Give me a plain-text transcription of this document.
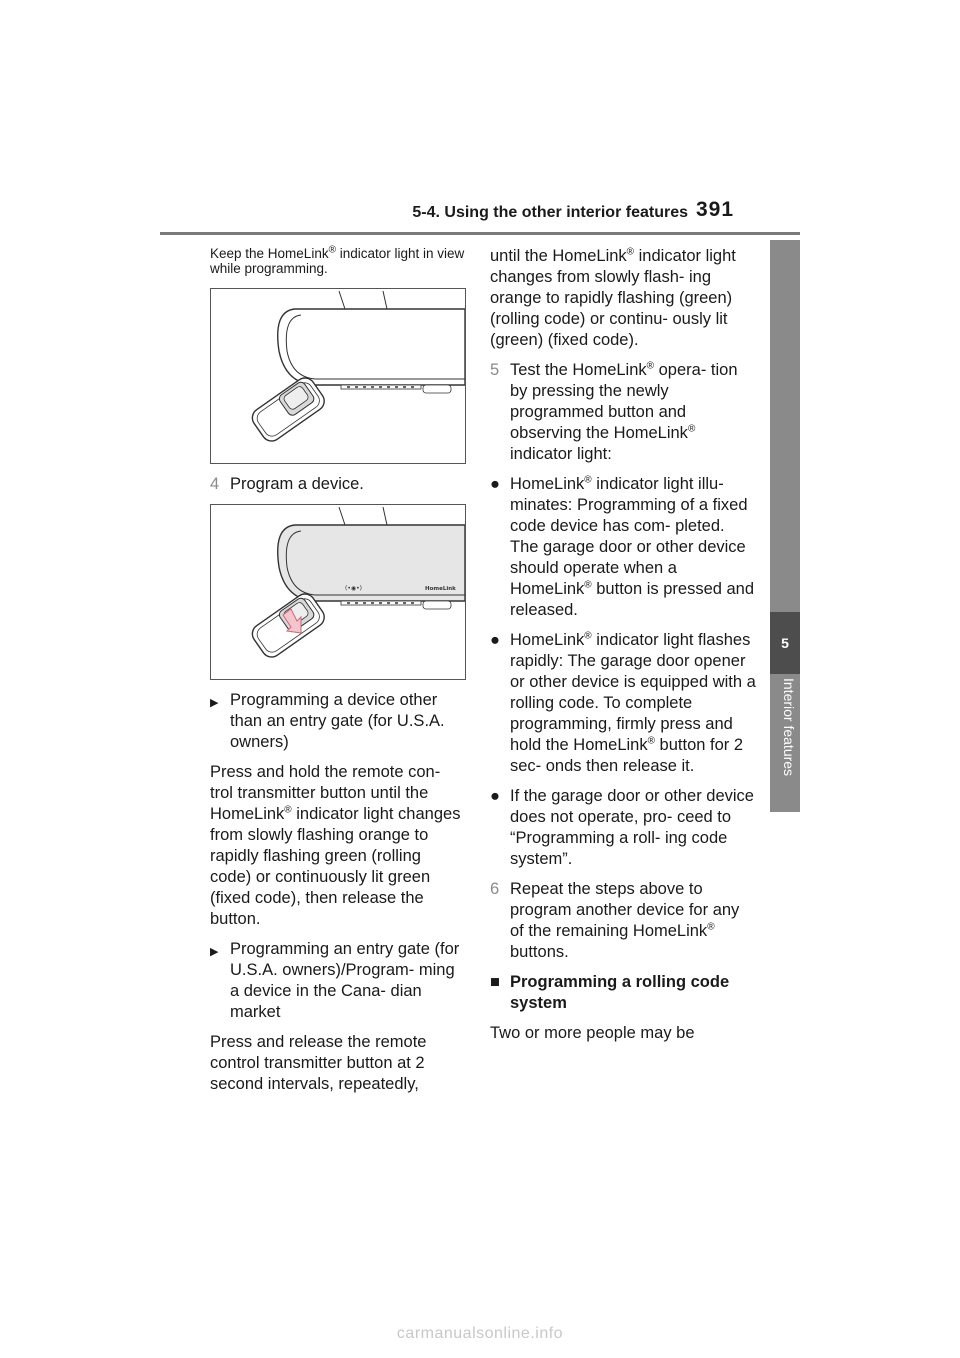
5-4. Using the other interior features 391
5
Interior features

Keep the HomeLink® indicator light in view while programming.

4 Program a device.
(•◉•)	HomeLink
▶ Programming a device other than an entry gate (for U.S.A. owners)

Press and hold the remote con- trol transmitter button until the HomeLink® indicator light changes from slowly flashing orange to rapidly flashing green (rolling code) or continuously lit green (fixed code), then release the button.

▶ Programming an entry gate (for U.S.A. owners)/Program- ming a device in the Cana- dian market

Press and release the remote control transmitter button at 2 second intervals, repeatedly,

until the HomeLink® indicator light changes from slowly flash- ing orange to rapidly flashing (green) (rolling code) or continu- ously lit (green) (fixed code).

5 Test the HomeLink® opera- tion by pressing the newly programmed button and observing the HomeLink® indicator light:
● HomeLink® indicator light illu- minates: Programming of a fixed code device has com- pleted. The garage door or other device should operate when a HomeLink® button is pressed and released.
● HomeLink® indicator light flashes rapidly: The garage door opener or other device is equipped with a rolling code. To complete programming, firmly press and hold the HomeLink® button for 2 sec- onds then release it.
● If the garage door or other device does not operate, pro- ceed to “Programming a roll- ing code system”.
6 Repeat the steps above to program another device for any of the remaining HomeLink® buttons.
■ Programming a rolling code system

Two or more people may be

carmanualsonline.info
